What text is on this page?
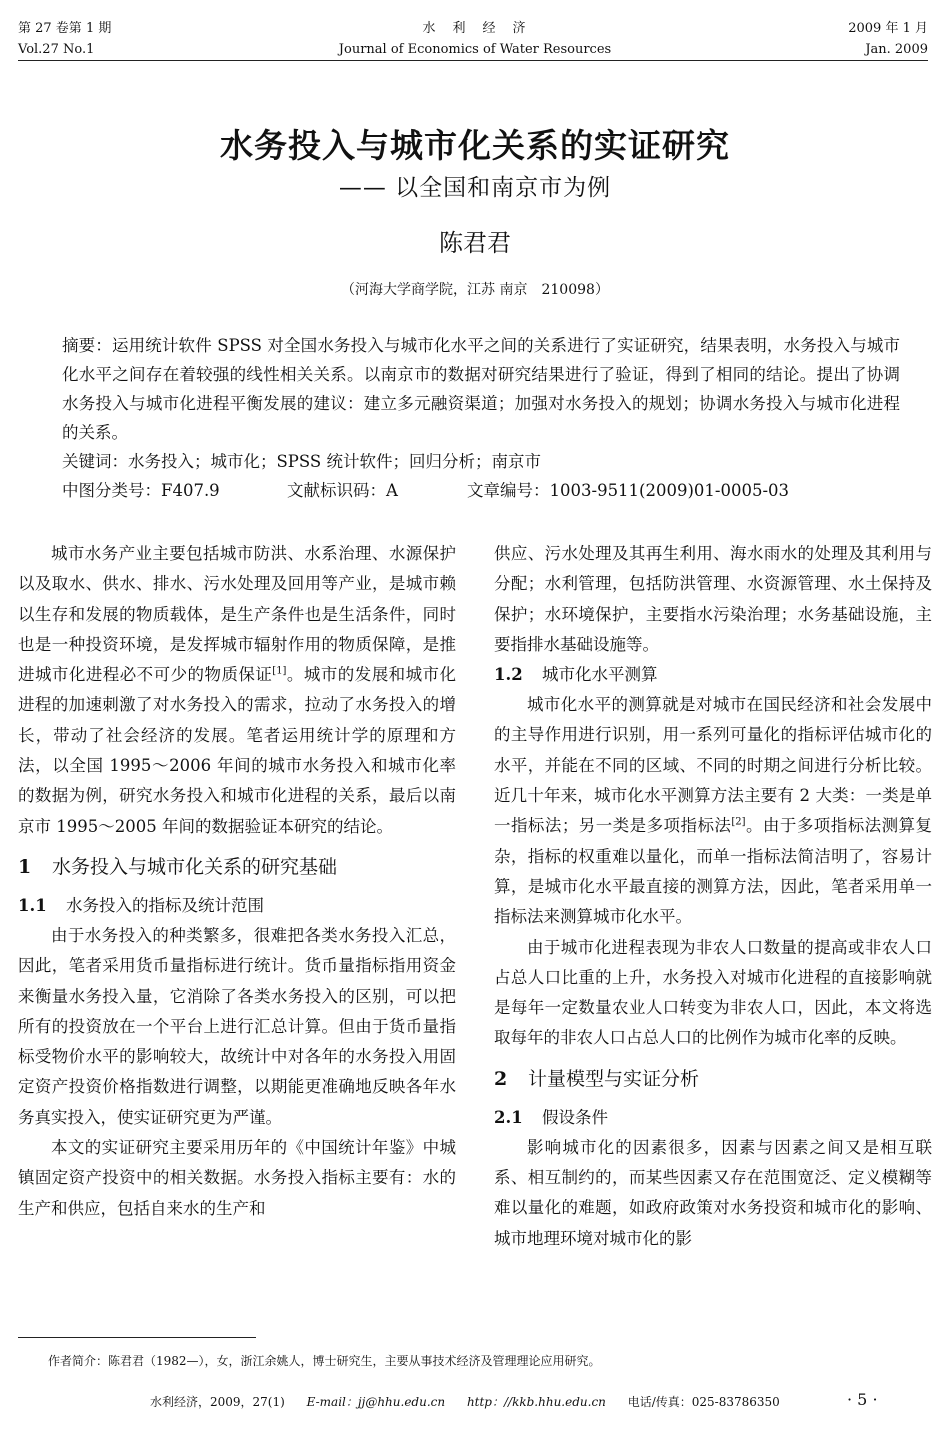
第 27 卷第 1 期
Vol.27 No.1
水　利　经　济
Journal of Economics of Water Resources
2009 年 1 月
Jan. 2009
水务投入与城市化关系的实证研究
—— 以全国和南京市为例
陈君君
（河海大学商学院，江苏 南京　210098）

摘要：运用统计软件 SPSS 对全国水务投入与城市化水平之间的关系进行了实证研究，结果表明，水务投入与城市化水平之间存在着较强的线性相关关系。以南京市的数据对研究结果进行了验证，得到了相同的结论。提出了协调水务投入与城市化进程平衡发展的建议：建立多元融资渠道；加强对水务投入的规划；协调水务投入与城市化进程的关系。

关键词：水务投入；城市化；SPSS 统计软件；回归分析；南京市

中图分类号：F407.9	文献标识码：A	文章编号：1003-9511(2009)01-0005-03

城市水务产业主要包括城市防洪、水系治理、水源保护以及取水、供水、排水、污水处理及回用等产业，是城市赖以生存和发展的物质载体，是生产条件也是生活条件，同时也是一种投资环境，是发挥城市辐射作用的物质保障，是推进城市化进程必不可少的物质保证[1]。城市的发展和城市化进程的加速刺激了对水务投入的需求，拉动了水务投入的增长，带动了社会经济的发展。笔者运用统计学的原理和方法，以全国 1995～2006 年间的城市水务投入和城市化率的数据为例，研究水务投入和城市化进程的关系，最后以南京市 1995～2005 年间的数据验证本研究的结论。

1 水务投入与城市化关系的研究基础
1.1 水务投入的指标及统计范围

由于水务投入的种类繁多，很难把各类水务投入汇总，因此，笔者采用货币量指标进行统计。货币量指标指用资金来衡量水务投入量，它消除了各类水务投入的区别，可以把所有的投资放在一个平台上进行汇总计算。但由于货币量指标受物价水平的影响较大，故统计中对各年的水务投入用固定资产投资价格指数进行调整，以期能更准确地反映各年水务真实投入，使实证研究更为严谨。

本文的实证研究主要采用历年的《中国统计年鉴》中城镇固定资产投资中的相关数据。水务投入指标主要有：水的生产和供应，包括自来水的生产和

供应、污水处理及其再生利用、海水雨水的处理及其利用与分配；水利管理，包括防洪管理、水资源管理、水土保持及保护；水环境保护，主要指水污染治理；水务基础设施，主要指排水基础设施等。

1.2 城市化水平测算

城市化水平的测算就是对城市在国民经济和社会发展中的主导作用进行识别，用一系列可量化的指标评估城市化的水平，并能在不同的区域、不同的时期之间进行分析比较。近几十年来，城市化水平测算方法主要有 2 大类：一类是单一指标法；另一类是多项指标法[2]。由于多项指标法测算复杂，指标的权重难以量化，而单一指标法简洁明了，容易计算，是城市化水平最直接的测算方法，因此，笔者采用单一指标法来测算城市化水平。

由于城市化进程表现为非农人口数量的提高或非农人口占总人口比重的上升，水务投入对城市化进程的直接影响就是每年一定数量农业人口转变为非农人口，因此，本文将选取每年的非农人口占总人口的比例作为城市化率的反映。

2 计量模型与实证分析
2.1 假设条件

影响城市化的因素很多，因素与因素之间又是相互联系、相互制约的，而某些因素又存在范围宽泛、定义模糊等难以量化的难题，如政府政策对水务投资和城市化的影响、城市地理环境对城市化的影

作者简介：陈君君（1982—），女，浙江余姚人，博士研究生，主要从事技术经济及管理理论应用研究。
水利经济，2009，27(1) E-mail：jj@hhu.edu.cn http：//kkb.hhu.edu.cn 电话/传真：025-83786350	· 5 ·
